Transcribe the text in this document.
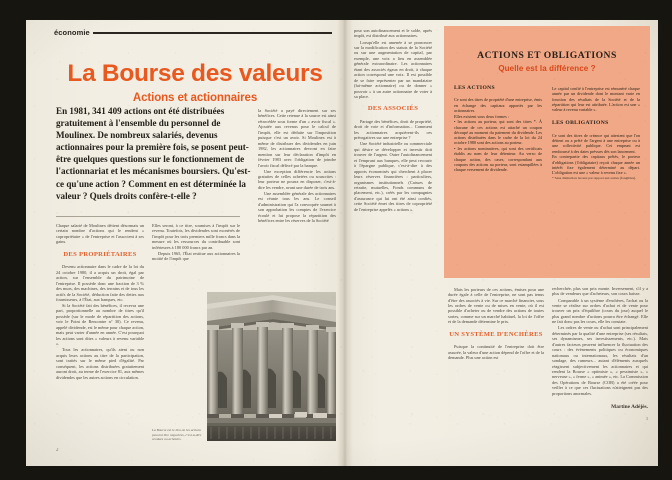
économie
La Bourse des valeurs
Actions et actionnaires
En 1981, 341 409 actions ont été distribuées gratuitement à l'ensemble du personnel de Moulinex. De nombreux salariés, devenus actionnaires pour la première fois, se posent peut-être quelques questions sur le fonctionnement de l'actionnariat et les mécanismes boursiers. Qu'est-ce qu'une action ? Comment en est déterminée la valeur ? Quels droits confère-t-elle ?

Chaque salarié de Moulinex détient désormais un certain nombre d'actions qui le rendent « copropriétaire » de l'entreprise et l'associent à ses gains.

DES PROPRIÉTAIRES

Devenu actionnaire dans le cadre de la loi du 24 octobre 1980, il a acquis un droit, égal par action, sur l'ensemble du patrimoine de l'entreprise. Il possède donc une fraction de 3 % des murs, des machines, des terrains et de tous les actifs de la Société, déduction faite des dettes aux fournisseurs, à l'État, aux banques, etc.

Si la Société fait des bénéfices, il recevra une part, proportionnelle au nombre de titres qu'il possède (sur le mode de répartition des actions, voir le Point de Rencontre n° 30). Ce revenu, appelé dividende, est le même pour chaque action, mais peut varier d'année en année. C'est pourquoi les actions sont dites « valeurs à revenu variable ».

Tous les actionnaires, qu'ils aient ou non acquis leurs actions au titre de la participation, sont traités sur le même pied d'égalité. Par conséquent, les actions distribuées gratuitement auront droit, au terme de l'exercice 81, aux mêmes dividendes que les autres actions en circulation.

Elles seront, à ce titre, soumises à l'impôt sur le revenu. Toutefois, les dividendes sont exonérés de l'impôt pour les trois premiers mille francs dans la mesure où les ressources du contribuable sont inférieures à 180 000 francs par an.

Depuis 1965, l'État restitue aux actionnaires la moitié de l'impôt que

la Société a payé directement sur ses bénéfices. Cette retenue à la source est ainsi rétrocédée sous forme d'un « avoir fiscal ». Ajoutée aux revenus pour le calcul de l'impôt, elle est déduite sur l'imposition puisque c'est un avoir. Si Moulinex est à même de distribuer des dividendes en juin 1982, les actionnaires devront en faire mention sur leur déclaration d'impôt en février 1983 avec l'obligation de joindre l'avoir fiscal délivré par la banque.

Une exception différencie les actions gratuites de celles achetées ou souscrites : leur porteur ne pourra en disposer, c'est-à-dire les vendre, avant une durée de trois ans.

Une assemblée générale des actionnaires est réunie tous les ans. Le conseil d'administration qui l'a convoquée soumet à son approbation les comptes de l'exercice écoulé et lui propose la répartition des bénéfices entre les réserves de la Société

La Bourse est le lieu où les actions peuvent être négociées, c'est-à-dire vendues ou achetées.
2

pour son autofinancement et le solde, après impôt, est distribué aux actionnaires.

Lorsqu'elle est amenée à se prononcer sur la modification des statuts de la Société ou sur une augmentation de capital, par exemple, une voix a lieu en assemblée générale extraordinaire. Les actionnaires étant des associés égaux en droit, à chaque action correspond une voix. Il est possible de se faire représenter par un mandataire (lui-même actionnaire) ou de donner « pouvoir » à un autre actionnaire de voter à sa place.

DES ASSOCIÉS

Partage des bénéfices, droit de propriété, droit de vote et d'information... Comment les actionnaires acquièrent-ils ces prérogatives sur une entreprise ?

Une Société industrielle ou commerciale qui désire se développer et investir doit trouver de l'argent. Outre l'autofinancement et l'emprunt aux banques, elle peut recourir à l'épargne publique, c'est-à-dire à des apports économisés qui cherchent à placer leurs réserves financières : particuliers, organismes institutionnels (Caisses de retraite, mutuelles, Fonds communs de placement, etc.), créés par les compagnies d'assurance qui lui ont été ainsi confiés, cette Société émet des titres de copropriété de l'entreprise appelés « actions ».

ACTIONS ET OBLIGATIONS
Quelle est la différence ?
LES ACTIONS

Ce sont des titres de propriété d'une entreprise, émis en échange des capitaux apportés par les actionnaires.

Elles existent sous deux formes :

• les actions au porteur, qui sont des titres *. À chacune de ces actions est attaché un coupon découpé au moment du paiement du dividende. Les actions distribuées dans le cadre de la loi du 24 octobre 1980 sont des actions au porteur.

• les actions nominatives, qui sont des certificats établis au nom de leur détenteur. Au verso de chaque action, des cases, correspondant aux coupons des actions au porteur, sont estampillées à chaque versement de dividende.

Le capital confié à l'entreprise est rémunéré chaque année par un dividende dont le montant varie en fonction des résultats de la Société et de la répartition qui leur est attribuée. L'action est une « valeur à revenu variable ».

LES OBLIGATIONS

Ce sont des titres de créance qui attestent que l'on détient ou a prêté de l'argent à une entreprise ou à une collectivité publique. Cet emprunt est remboursé à des dates prévues dès son lancement.

En contrepartie des capitaux prêtés, le porteur d'obligations (l'obligataire) reçoit chaque année un intérêt fixe également déterminé au départ. L'obligation est une « valeur à revenu fixe ».

* Sans distinction les uns par rapport aux autres (fongibles).

Mais les porteurs de ces actions, émises pour une durée égale à celle de l'entreprise, ne sont pas tenus d'être des associés à vie. Sur ce marché financier, sous les ordres de vente ou de mises en vente, où il est possible d'acheter ou de vendre des actions de toutes sortes, comme sur un marché habituel, la loi de l'offre et de la demande détermine le prix.

UN SYSTÈME D'ENCHÈRES

Puisque la continuité de l'entreprise doit être assurée, la valeur d'une action dépend de l'offre et de la demande. Plus une action est

recherchée, plus son prix monte. Inversement, s'il y a plus de vendeurs que d'acheteurs, son cours baisse.

Comparable à un système d'enchères, l'achat ou la vente se réalise sur ordres d'achat et de vente pour trouver un prix d'équilibre (cours du jour) auquel le plus grand nombre d'actions pourra être échangé. Elle ne fait donc pas les cours, elle les constate.

Les ordres de vente ou d'achat sont principalement déterminés par la qualité d'une entreprise (ses résultats, ses dynamismes, ses investissements, etc.). Mais d'autres facteurs peuvent influencer la fluctuation des cours : des évènements politiques ou économiques nationaux ou internationaux, les résultats d'un sondage, des rumeurs... autant d'éléments auxquels réagissent subjectivement les actionnaires et qui rendent la Bourse « optimiste », « pessimiste », « nerveuse », « ferme », « animée », etc. La Commission des Opérations de Bourse (COB) a été créée pour veiller à ce que ces fluctuations n'atteignent pas des proportions anormales.

Martine Adéjès.
3
